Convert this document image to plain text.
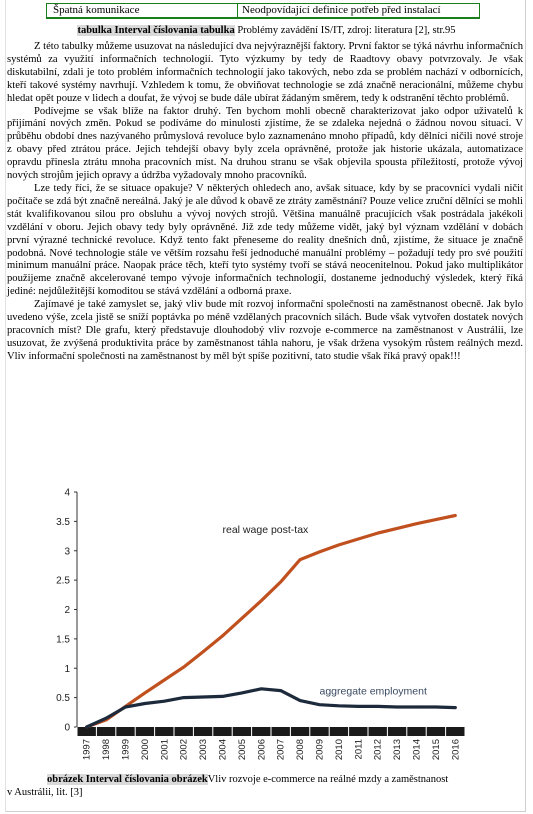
Špatná komunikace	Neodpovídající definice potřeb před instalací
tabulka Interval číslovania tabulka Problémy zavádění IS/IT, zdroj: literatura [2], str.95

Z této tabulky můžeme usuzovat na následující dva nejvýraznější faktory. První faktor se týká návrhu informačních systémů za využití informačních technologií. Tyto výzkumy by tedy de Raadtovy obavy potvrzovaly. Je však diskutabilní, zdali je toto problém informačních technologií jako takových, nebo zda se problém nachází v odbornících, kteří takové systémy navrhují. Vzhledem k tomu, že obviňovat technologie se zdá značně neracionální, můžeme chybu hledat opět pouze v lidech a doufat, že vývoj se bude dále ubírat žádaným směrem, tedy k odstranění těchto problémů.

Podívejme se však blíže na faktor druhý. Ten bychom mohli obecně charakterizovat jako odpor uživatelů k přijímání nových změn. Pokud se podíváme do minulosti zjistíme, že se zdaleka nejedná o žádnou novou situaci. V průběhu období dnes nazývaného průmyslová revoluce bylo zaznamenáno mnoho případů, kdy dělníci ničili nové stroje z obavy před ztrátou práce. Jejich tehdejší obavy byly zcela oprávněné, protože jak historie ukázala, automatizace opravdu přinesla ztrátu mnoha pracovních míst. Na druhou stranu se však objevila spousta příležitostí, protože vývoj nových strojům jejich opravy a údržba vyžadovaly mnoho pracovníků.

Lze tedy říci, že se situace opakuje? V některých ohledech ano, avšak situace, kdy by se pracovníci vydali ničit počítače se zdá být značně nereálná. Jaký je ale důvod k obavě ze ztráty zaměstnání? Pouze velice zruční dělníci se mohli stát kvalifikovanou silou pro obsluhu a vývoj nových strojů. Většina manuálně pracujících však postrádala jakékoli vzdělání v oboru. Jejich obavy tedy byly oprávněné. Již zde tedy můžeme vidět, jaký byl význam vzdělání v dobách první výrazné technické revoluce. Když tento fakt přeneseme do reality dnešních dnů, zjistíme, že situace je značně podobná. Nové technologie stále ve větším rozsahu řeší jednoduché manuální problémy – požadují tedy pro své použití minimum manuální práce. Naopak práce těch, kteří tyto systémy tvoří se stává neocenitelnou. Pokud jako multiplikátor použijeme značně akcelerované tempo vývoje informačních technologií, dostaneme jednoduchý výsledek, který říká jediné: nejdůležitější komoditou se stává vzdělání a odborná praxe.

Zajímavé je také zamyslet se, jaký vliv bude mít rozvoj informační společnosti na zaměstnanost obecně. Jak bylo uvedeno výše, zcela jistě se sníží poptávka po méně vzdělaných pracovních silách. Bude však vytvořen dostatek nových pracovních míst? Dle grafu, který představuje dlouhodobý vliv rozvoje e-commerce na zaměstnanost v Austrálii, lze usuzovat, že zvýšená produktivita práce by zaměstnanost táhla nahoru, je však držena vysokým růstem reálných mezd. Vliv informační společnosti na zaměstnanost by měl být spíše pozitivní, tato studie však říká pravý opak!!!

0
0.5
1
1.5
2
2.5
3
3.5
4
1997 1998 1999 2000 2001 2002 2003 2004 2005 2006 2007 2008 2009 2010 2011 2012 2013 2014 2015 2016
real wage post-tax
aggregate employment
obrázek Interval číslovania obrázekVliv rozvoje e-commerce na reálné mzdy a zaměstnanost
v Austrálii, lit. [3]
